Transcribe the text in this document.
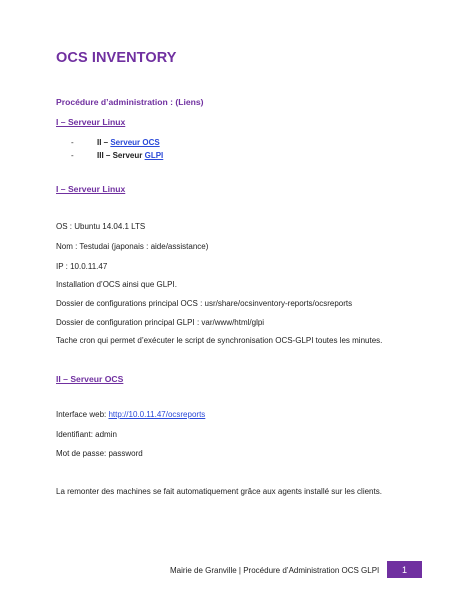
OCS INVENTORY
Procédure d’administration : (Liens)
I – Serveur Linux
-	II – Serveur OCS
-	III – Serveur GLPI
I – Serveur Linux
OS : Ubuntu 14.04.1 LTS
Nom : Testudai (japonais : aide/assistance)
IP : 10.0.11.47
Installation d’OCS ainsi que GLPI.
Dossier de configurations principal OCS : usr/share/ocsinventory-reports/ocsreports
Dossier de configuration principal GLPI : var/www/html/glpi
Tache cron qui permet d’exécuter le script de synchronisation OCS-GLPI toutes les minutes.
II – Serveur OCS
Interface web: http://10.0.11.47/ocsreports
Identifiant: admin
Mot de passe: password
La remonter des machines se fait automatiquement grâce aux agents installé sur les clients.
Mairie de Granville | Procédure d’Administration OCS GLPI	1
